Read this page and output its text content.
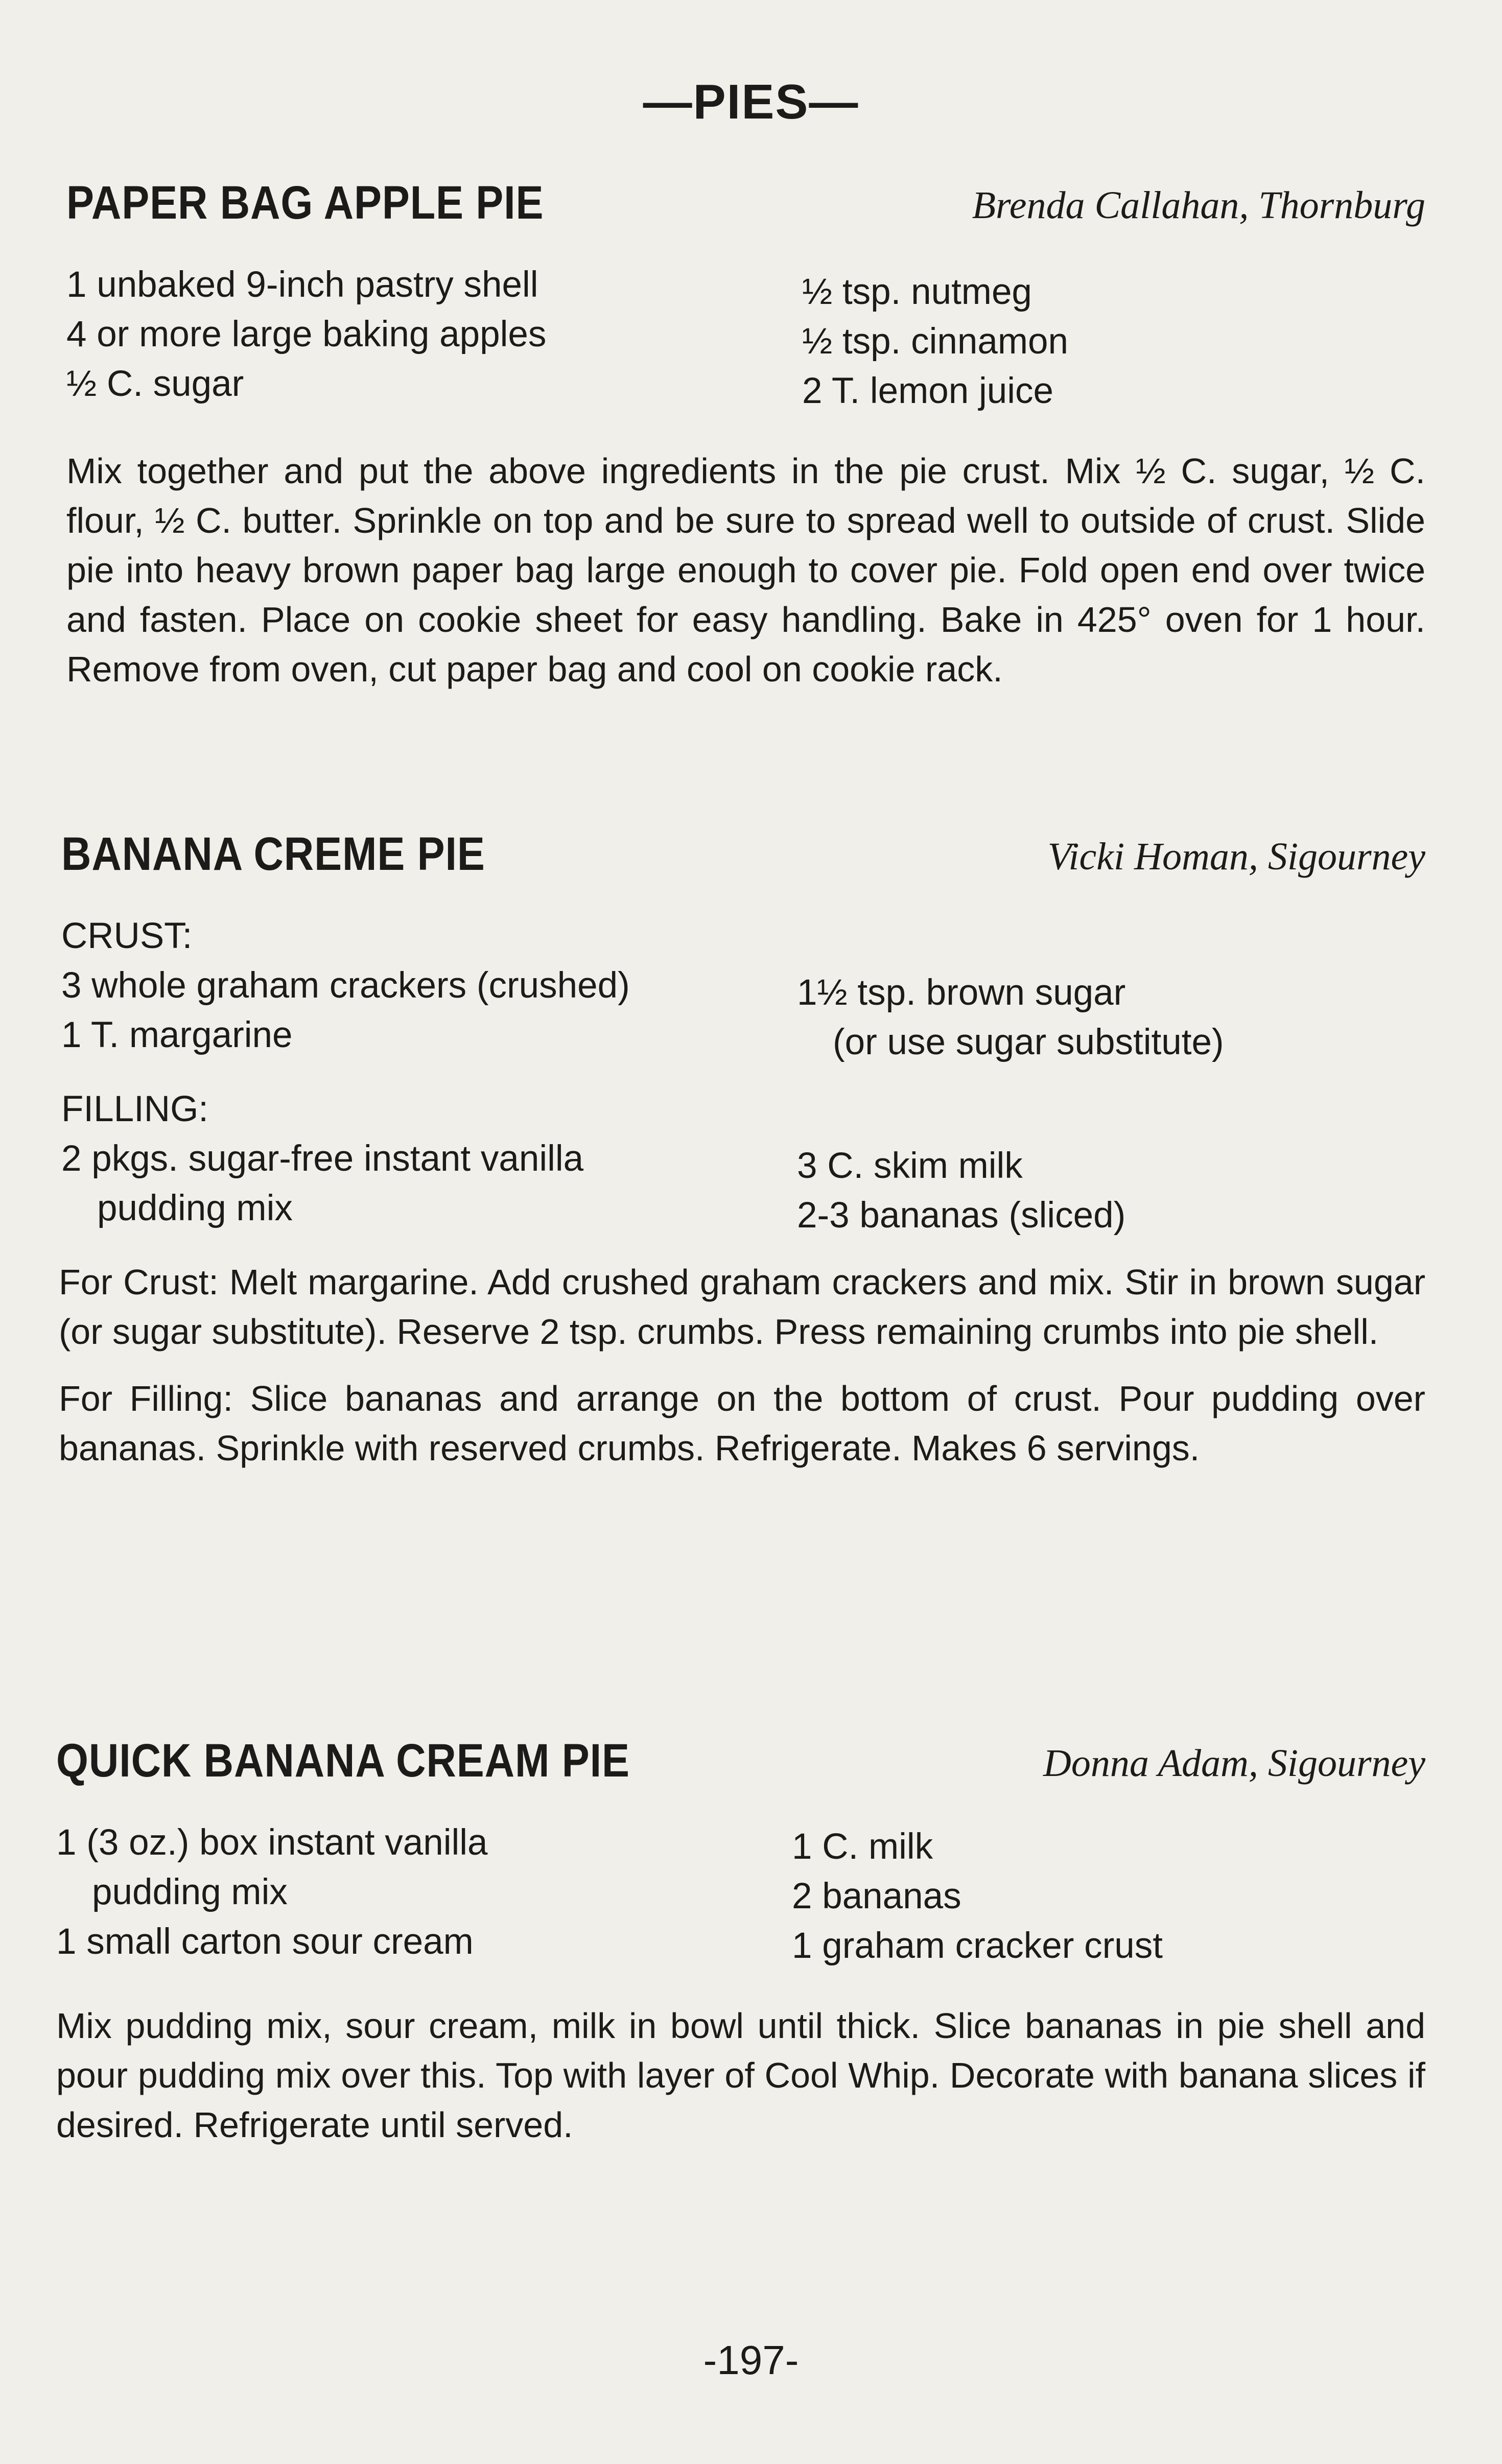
—PIES—
PAPER BAG APPLE PIE	Brenda Callahan, Thornburg
1 unbaked 9-inch pastry shell
4 or more large baking apples
½ C. sugar
½ tsp. nutmeg
½ tsp. cinnamon
2 T. lemon juice
Mix together and put the above ingredients in the pie crust. Mix ½ C. sugar, ½ C. flour, ½ C. butter. Sprinkle on top and be sure to spread well to outside of crust. Slide pie into heavy brown paper bag large enough to cover pie. Fold open end over twice and fasten. Place on cookie sheet for easy handling. Bake in 425° oven for 1 hour. Remove from oven, cut paper bag and cool on cookie rack.
BANANA CREME PIE	Vicki Homan, Sigourney
CRUST:
3 whole graham crackers (crushed)
1 T. margarine
1½ tsp. brown sugar
(or use sugar substitute)
FILLING:
2 pkgs. sugar-free instant vanilla
pudding mix
3 C. skim milk
2-3 bananas (sliced)
For Crust: Melt margarine. Add crushed graham crackers and mix. Stir in brown sugar (or sugar substitute). Reserve 2 tsp. crumbs. Press remaining crumbs into pie shell.
For Filling: Slice bananas and arrange on the bottom of crust. Pour pudding over bananas. Sprinkle with reserved crumbs. Refrigerate. Makes 6 servings.
QUICK BANANA CREAM PIE	Donna Adam, Sigourney
1 (3 oz.) box instant vanilla
pudding mix
1 small carton sour cream
1 C. milk
2 bananas
1 graham cracker crust
Mix pudding mix, sour cream, milk in bowl until thick. Slice bananas in pie shell and pour pudding mix over this. Top with layer of Cool Whip. Decorate with banana slices if desired. Refrigerate until served.
-197-
